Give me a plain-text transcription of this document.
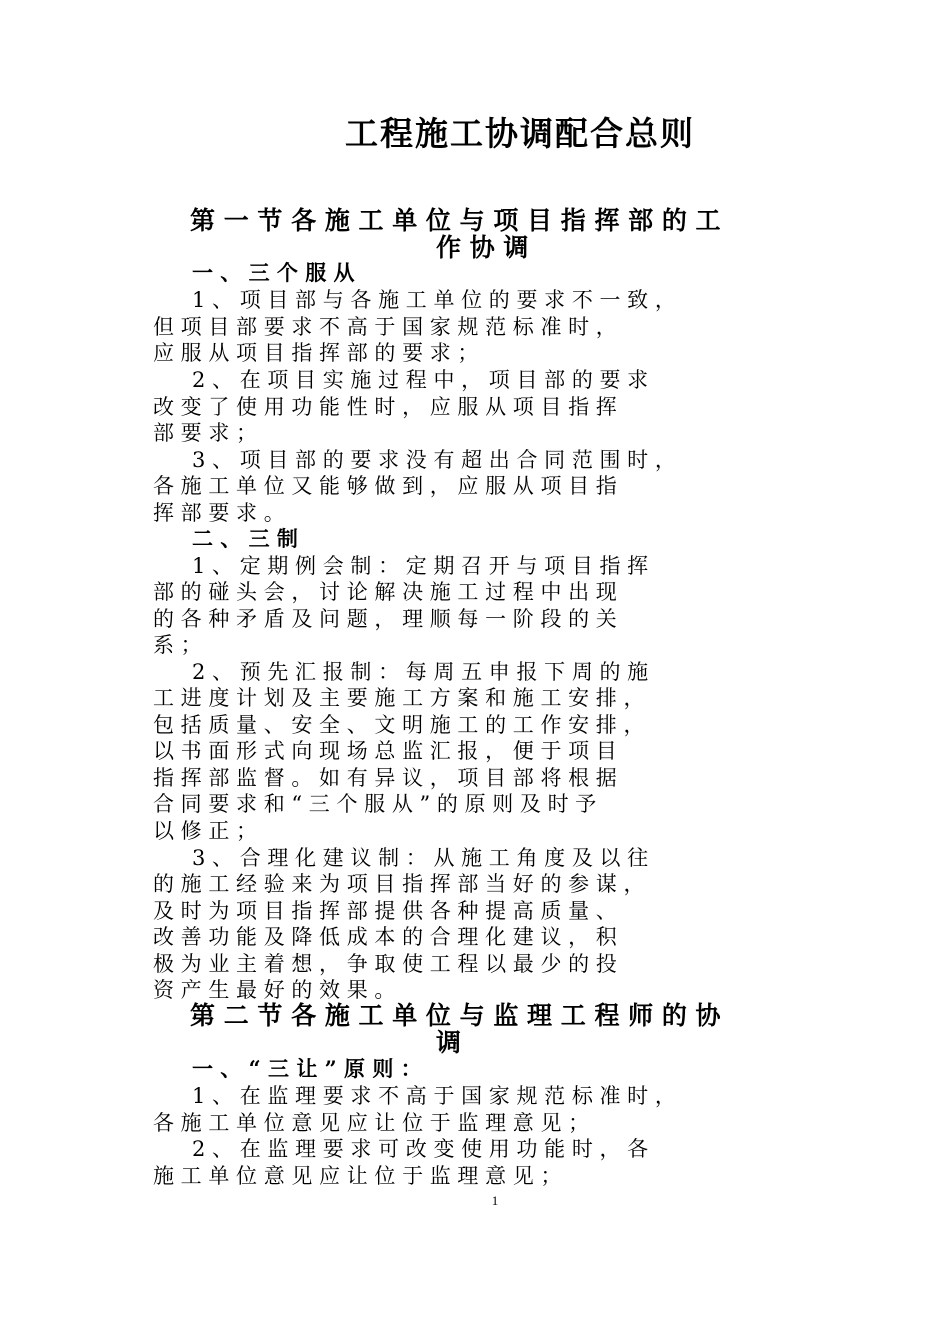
工程施工协调配合总则
第 一 节 各 施 工 单 位 与 项 目 指 挥 部 的 工
作 协 调
一 、 三 个 服 从
1 、 项 目 部 与 各 施 工 单 位 的 要 求 不 一 致 ，
但 项 目 部 要 求 不 高 于 国 家 规 范 标 准 时 ，
应 服 从 项 目 指 挥 部 的 要 求 ；
2 、 在 项 目 实 施 过 程 中 ， 项 目 部 的 要 求
改 变 了 使 用 功 能 性 时 ， 应 服 从 项 目 指 挥
部 要 求 ；
3 、 项 目 部 的 要 求 没 有 超 出 合 同 范 围 时 ，
各 施 工 单 位 又 能 够 做 到 ， 应 服 从 项 目 指
挥 部 要 求 。
二 、 三 制
1 、 定 期 例 会 制 ： 定 期 召 开 与 项 目 指 挥
部 的 碰 头 会 ， 讨 论 解 决 施 工 过 程 中 出 现
的 各 种 矛 盾 及 问 题 ， 理 顺 每 一 阶 段 的 关
系 ；
2 、 预 先 汇 报 制 ： 每 周 五 申 报 下 周 的 施
工 进 度 计 划 及 主 要 施 工 方 案 和 施 工 安 排 ，
包 括 质 量 、 安 全 、 文 明 施 工 的 工 作 安 排 ，
以 书 面 形 式 向 现 场 总 监 汇 报 ， 便 于 项 目
指 挥 部 监 督 。 如 有 异 议 ， 项 目 部 将 根 据
合 同 要 求 和 “ 三 个 服 从 ” 的 原 则 及 时 予
以 修 正 ；
3 、 合 理 化 建 议 制 ： 从 施 工 角 度 及 以 往
的 施 工 经 验 来 为 项 目 指 挥 部 当 好 的 参 谋 ，
及 时 为 项 目 指 挥 部 提 供 各 种 提 高 质 量 、
改 善 功 能 及 降 低 成 本 的 合 理 化 建 议 ， 积
极 为 业 主 着 想 ， 争 取 使 工 程 以 最 少 的 投
资 产 生 最 好 的 效 果 。
第 二 节 各 施 工 单 位 与 监 理 工 程 师 的 协
调
一 、 “ 三 让 ” 原 则 ：
1 、 在 监 理 要 求 不 高 于 国 家 规 范 标 准 时 ，
各 施 工 单 位 意 见 应 让 位 于 监 理 意 见 ；
2 、 在 监 理 要 求 可 改 变 使 用 功 能 时 ， 各
施 工 单 位 意 见 应 让 位 于 监 理 意 见 ；
1
